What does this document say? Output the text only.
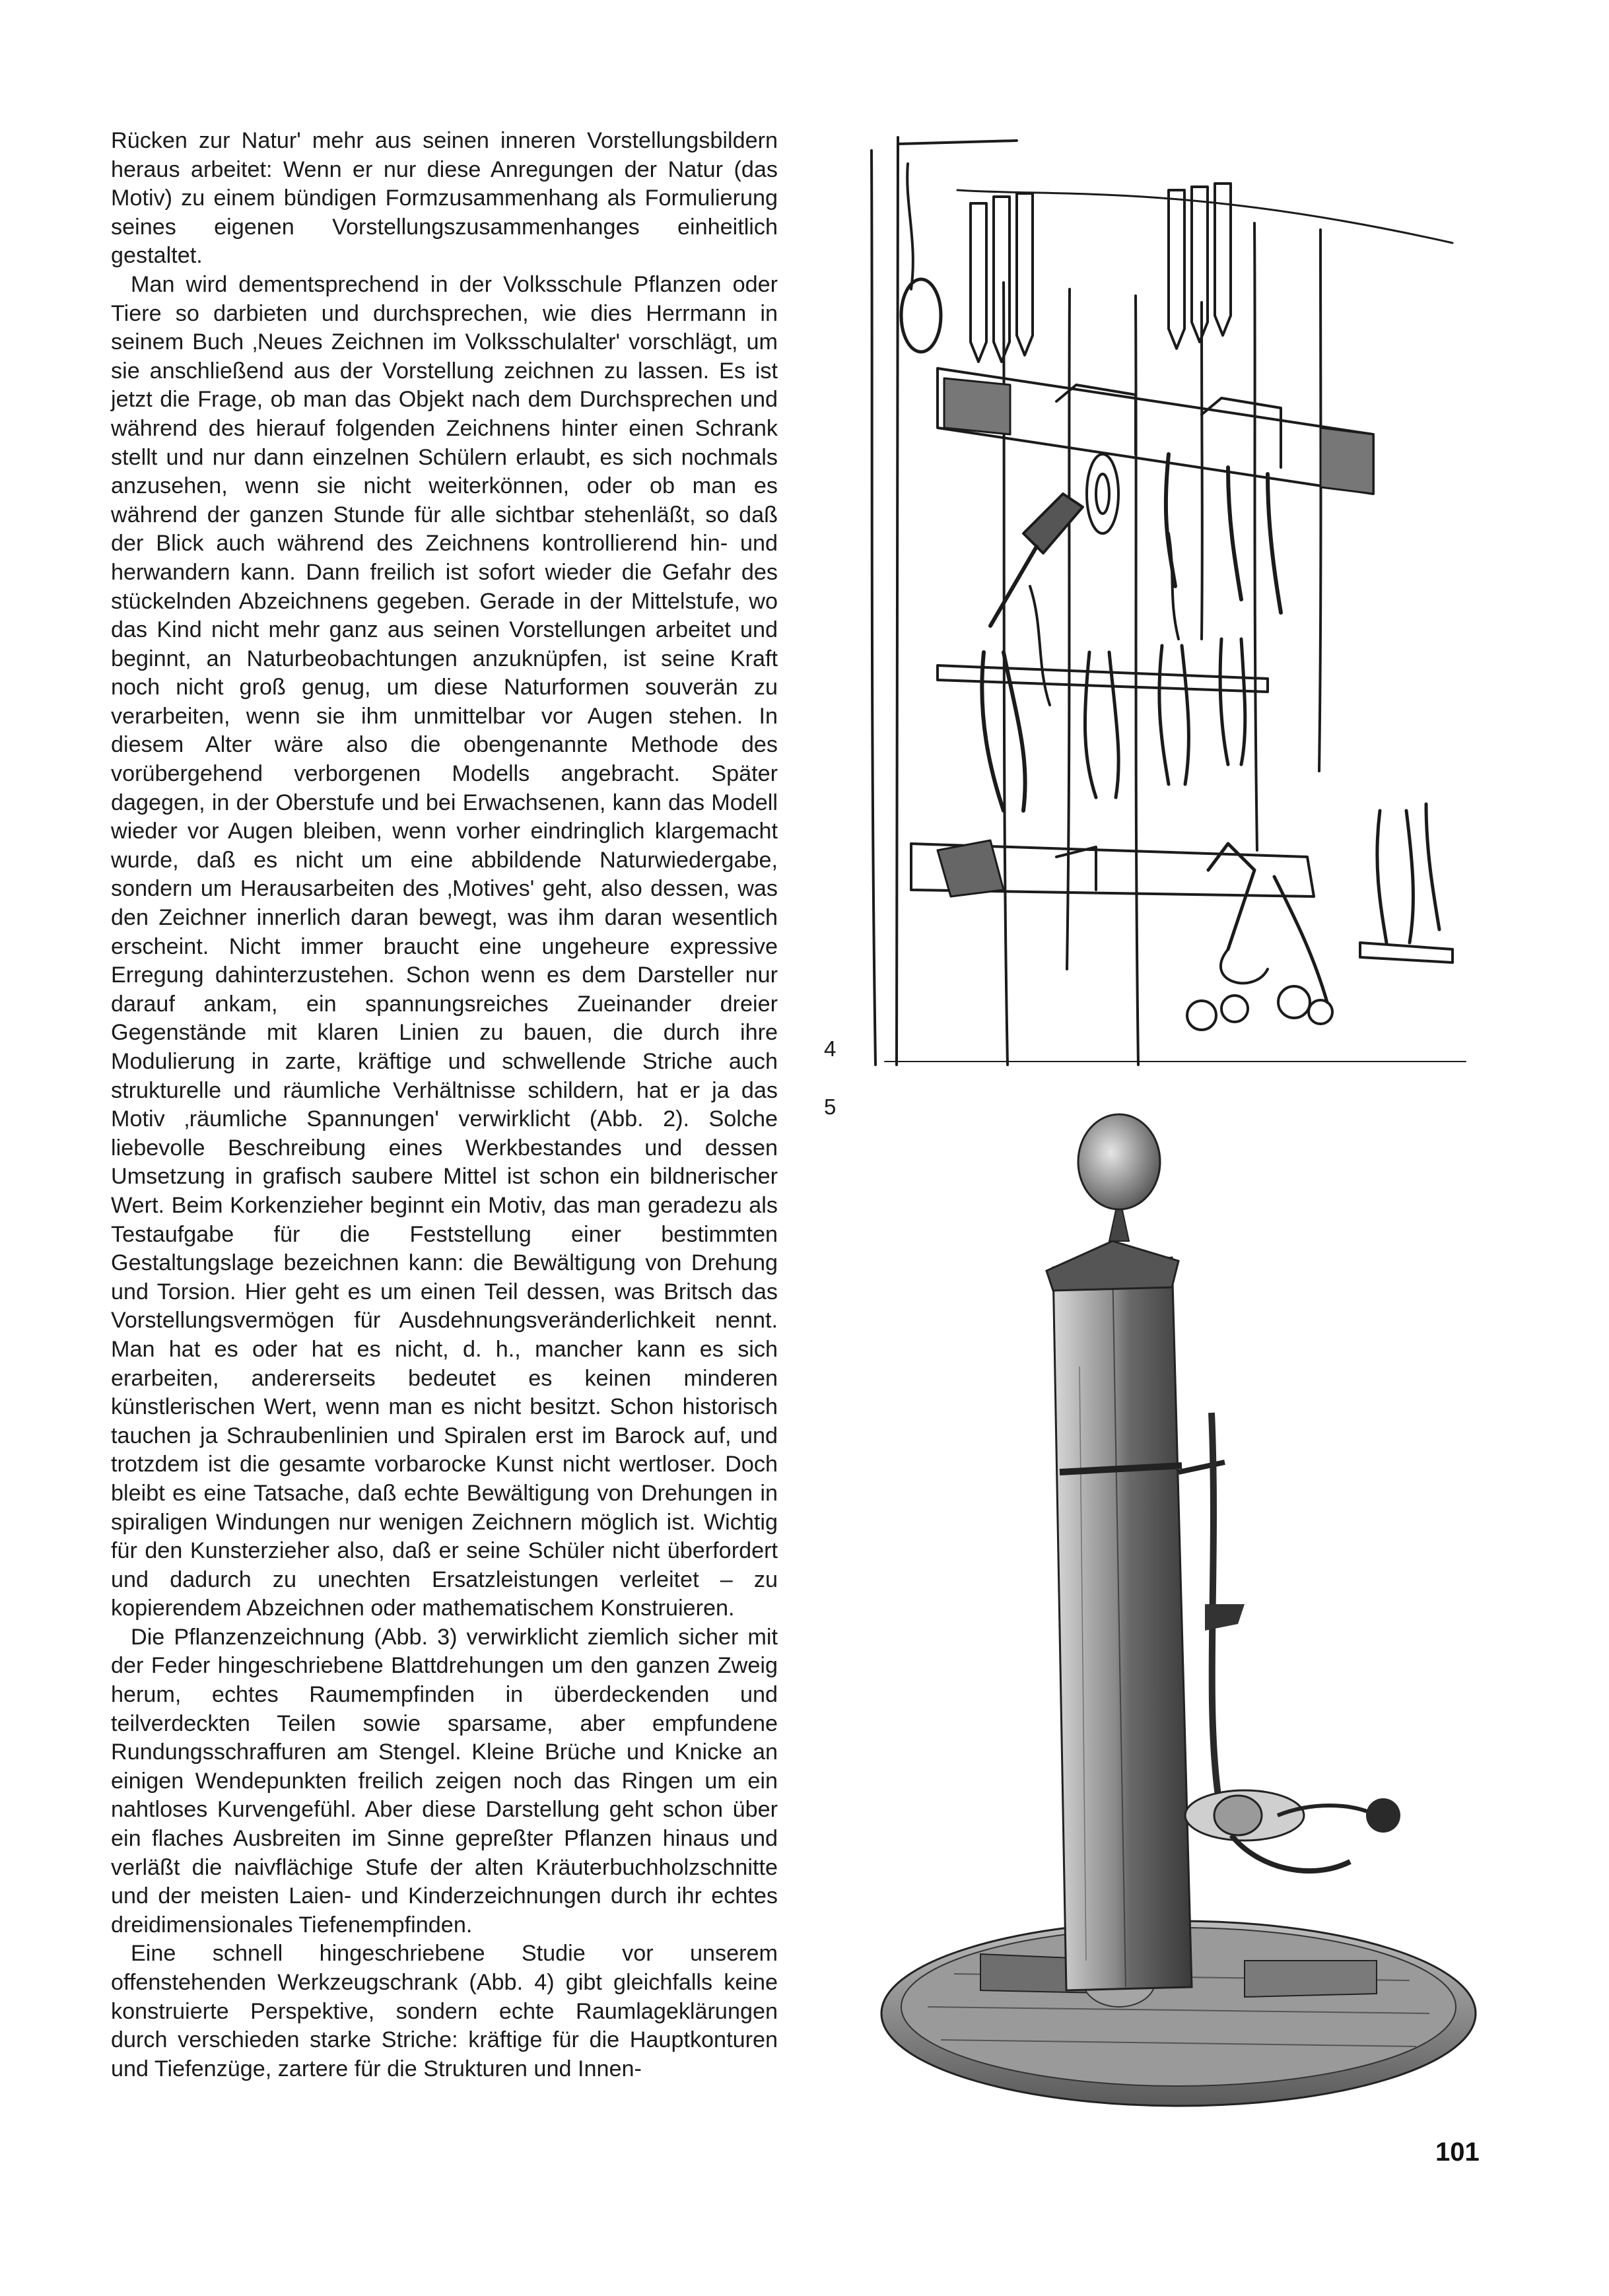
Rücken zur Natur' mehr aus seinen inneren Vorstellungsbildern heraus arbeitet: Wenn er nur diese Anregungen der Natur (das Motiv) zu einem bündigen Formzusammenhang als Formulierung seines eigenen Vorstellungszusammenhanges einheitlich gestaltet.

Man wird dementsprechend in der Volksschule Pflanzen oder Tiere so darbieten und durchsprechen, wie dies Herrmann in seinem Buch ‚Neues Zeichnen im Volksschulalter' vorschlägt, um sie anschließend aus der Vorstellung zeichnen zu lassen. Es ist jetzt die Frage, ob man das Objekt nach dem Durchsprechen und während des hierauf folgenden Zeichnens hinter einen Schrank stellt und nur dann einzelnen Schülern erlaubt, es sich nochmals anzusehen, wenn sie nicht weiterkönnen, oder ob man es während der ganzen Stunde für alle sichtbar stehenläßt, so daß der Blick auch während des Zeichnens kontrollierend hin- und herwandern kann. Dann freilich ist sofort wieder die Gefahr des stückelnden Abzeichnens gegeben. Gerade in der Mittelstufe, wo das Kind nicht mehr ganz aus seinen Vorstellungen arbeitet und beginnt, an Naturbeobachtungen anzuknüpfen, ist seine Kraft noch nicht groß genug, um diese Naturformen souverän zu verarbeiten, wenn sie ihm unmittelbar vor Augen stehen. In diesem Alter wäre also die obengenannte Methode des vorübergehend verborgenen Modells angebracht. Später dagegen, in der Oberstufe und bei Erwachsenen, kann das Modell wieder vor Augen bleiben, wenn vorher eindringlich klargemacht wurde, daß es nicht um eine abbildende Naturwiedergabe, sondern um Herausarbeiten des ‚Motives' geht, also dessen, was den Zeichner innerlich daran bewegt, was ihm daran wesentlich erscheint. Nicht immer braucht eine ungeheure expressive Erregung dahinterzustehen. Schon wenn es dem Darsteller nur darauf ankam, ein spannungsreiches Zueinander dreier Gegenstände mit klaren Linien zu bauen, die durch ihre Modulierung in zarte, kräftige und schwellende Striche auch strukturelle und räumliche Verhältnisse schildern, hat er ja das Motiv ‚räumliche Spannungen' verwirklicht (Abb. 2). Solche liebevolle Beschreibung eines Werkbestandes und dessen Umsetzung in grafisch saubere Mittel ist schon ein bildnerischer Wert. Beim Korkenzieher beginnt ein Motiv, das man geradezu als Testaufgabe für die Feststellung einer bestimmten Gestaltungslage bezeichnen kann: die Bewältigung von Drehung und Torsion. Hier geht es um einen Teil dessen, was Britsch das Vorstellungsvermögen für Ausdehnungsveränderlichkeit nennt. Man hat es oder hat es nicht, d. h., mancher kann es sich erarbeiten, andererseits bedeutet es keinen minderen künstlerischen Wert, wenn man es nicht besitzt. Schon historisch tauchen ja Schraubenlinien und Spiralen erst im Barock auf, und trotzdem ist die gesamte vorbarocke Kunst nicht wertloser. Doch bleibt es eine Tatsache, daß echte Bewältigung von Drehungen in spiraligen Windungen nur wenigen Zeichnern möglich ist. Wichtig für den Kunsterzieher also, daß er seine Schüler nicht überfordert und dadurch zu unechten Ersatzleistungen verleitet – zu kopierendem Abzeichnen oder mathematischem Konstruieren.

Die Pflanzenzeichnung (Abb. 3) verwirklicht ziemlich sicher mit der Feder hingeschriebene Blattdrehungen um den ganzen Zweig herum, echtes Raumempfinden in überdeckenden und teilverdeckten Teilen sowie sparsame, aber empfundene Rundungsschraffuren am Stengel. Kleine Brüche und Knicke an einigen Wendepunkten freilich zeigen noch das Ringen um ein nahtloses Kurvengefühl. Aber diese Darstellung geht schon über ein flaches Ausbreiten im Sinne gepreßter Pflanzen hinaus und verläßt die naivflächige Stufe der alten Kräuterbuchholzschnitte und der meisten Laien- und Kinderzeichnungen durch ihr echtes dreidimensionales Tiefenempfinden.

Eine schnell hingeschriebene Studie vor unserem offenstehenden Werkzeugschrank (Abb. 4) gibt gleichfalls keine konstruierte Perspektive, sondern echte Raumlageklärungen durch verschieden starke Striche: kräftige für die Hauptkonturen und Tiefenzüge, zartere für die Strukturen und Innen-

4
5
101
